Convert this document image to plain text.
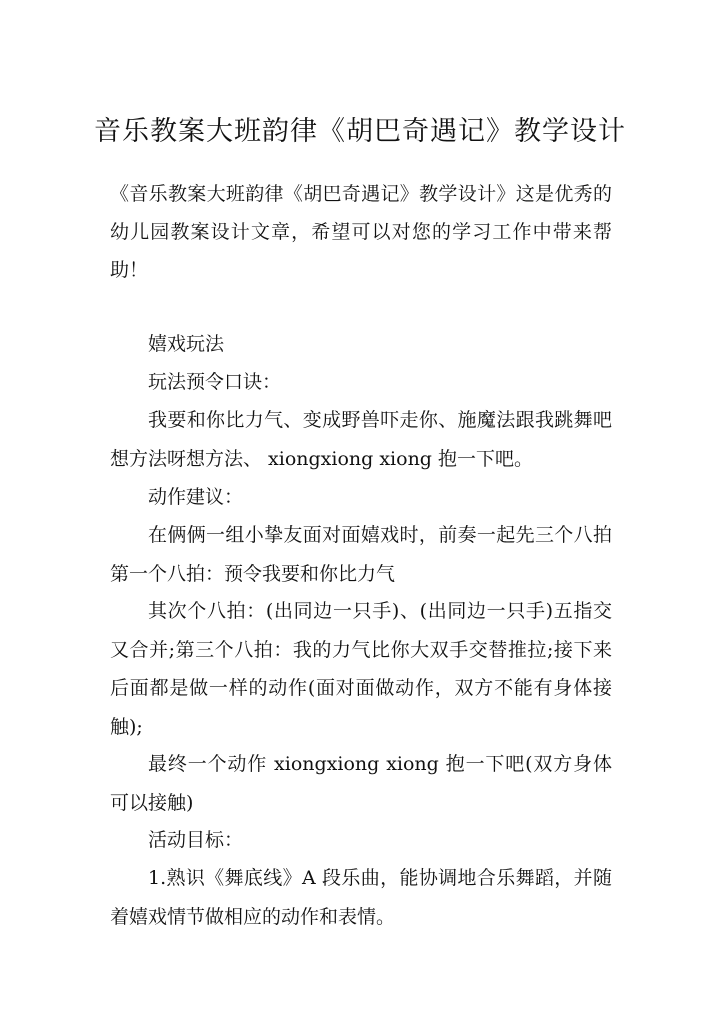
音乐教案大班韵律《胡巴奇遇记》教学设计

《音乐教案大班韵律《胡巴奇遇记》教学设计》这是优秀的幼儿园教案设计文章，希望可以对您的学习工作中带来帮助！

嬉戏玩法

玩法预令口诀：

我要和你比力气、变成野兽吓走你、施魔法跟我跳舞吧想方法呀想方法、 xiongxiong xiong 抱一下吧。

动作建议：

在俩俩一组小挚友面对面嬉戏时，前奏一起先三个八拍第一个八拍：预令我要和你比力气

其次个八拍：(出同边一只手)、(出同边一只手)五指交又合并;第三个八拍：我的力气比你大双手交替推拉;接下来后面都是做一样的动作(面对面做动作，双方不能有身体接触);

最终一个动作 xiongxiong xiong 抱一下吧(双方身体可以接触)

活动目标：

1.熟识《舞底线》A 段乐曲，能协调地合乐舞蹈，并随着嬉戏情节做相应的动作和表情。
